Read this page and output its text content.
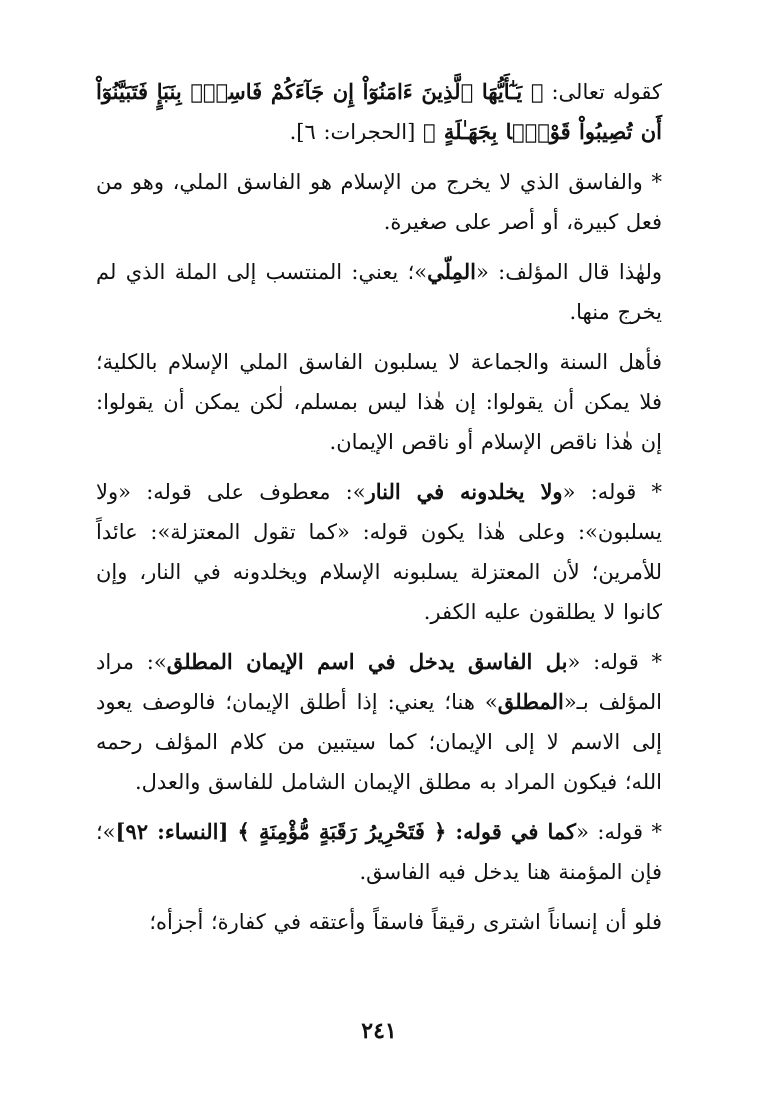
كقوله تعالى: ﴿ يَـٰٓأَيُّهَا ٱلَّذِينَ ءَامَنُوٓاْ إِن جَآءَكُمْ فَاسِقُۢ بِنَبَإٍ فَتَبَيَّنُوٓاْ أَن تُصِيبُواْ قَوْمًۢا بِجَهَـٰلَةٍ ﴾ [الحجرات: ٦].

* والفاسق الذي لا يخرج من الإسلام هو الفاسق الملي، وهو من فعل كبيرة، أو أصر على صغيرة.

ولهٰذا قال المؤلف: «المِلّي»؛ يعني: المنتسب إلى الملة الذي لم يخرج منها.

فأهل السنة والجماعة لا يسلبون الفاسق الملي الإسلام بالكلية؛ فلا يمكن أن يقولوا: إن هٰذا ليس بمسلم، لٰكن يمكن أن يقولوا: إن هٰذا ناقص الإسلام أو ناقص الإيمان.

* قوله: «ولا يخلدونه في النار»: معطوف على قوله: «ولا يسلبون»: وعلى هٰذا يكون قوله: «كما تقول المعتزلة»: عائداً للأمرين؛ لأن المعتزلة يسلبونه الإسلام ويخلدونه في النار، وإن كانوا لا يطلقون عليه الكفر.

* قوله: «بل الفاسق يدخل في اسم الإيمان المطلق»: مراد المؤلف بـ«المطلق» هنا؛ يعني: إذا أطلق الإيمان؛ فالوصف يعود إلى الاسم لا إلى الإيمان؛ كما سيتبين من كلام المؤلف رحمه الله؛ فيكون المراد به مطلق الإيمان الشامل للفاسق والعدل.

* قوله: «كما في قوله: ﴿ فَتَحْرِيرُ رَقَبَةٍ مُّؤْمِنَةٍ ﴾ [النساء: ٩٢]»؛ فإن المؤمنة هنا يدخل فيه الفاسق.

فلو أن إنساناً اشترى رقيقاً فاسقاً وأعتقه في كفارة؛ أجزأه؛

٢٤١
